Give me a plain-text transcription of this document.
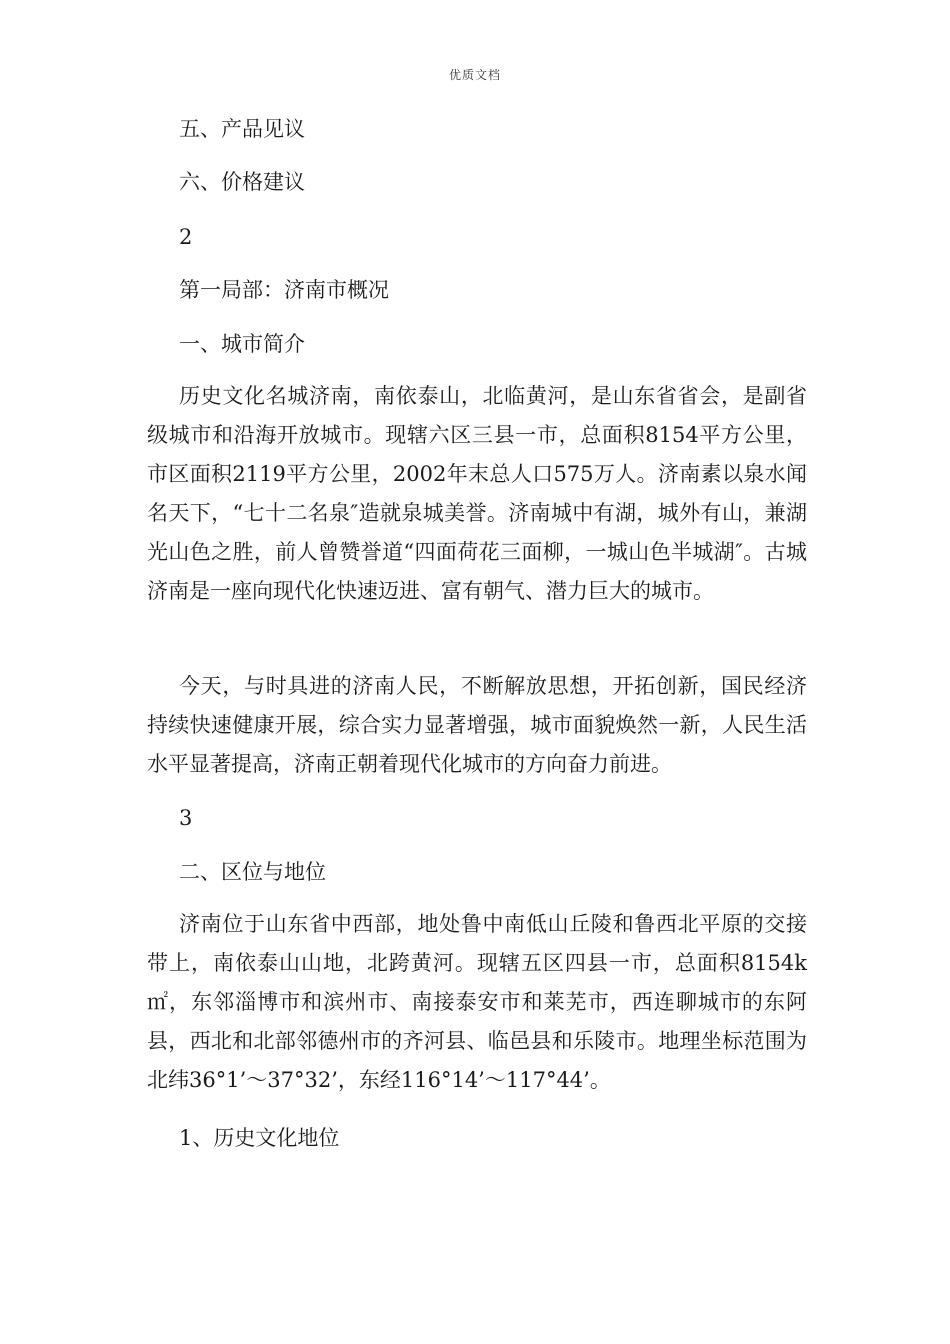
优质文档
五、产品见议
六、价格建议
2
第一局部：济南市概况
一、城市简介
历史文化名城济南，南依泰山，北临黄河，是山东省省会，是副省级城市和沿海开放城市。现辖六区三县一市，总面积8154平方公里，市区面积2119平方公里，2002年末总人口575万人。济南素以泉水闻名天下，“七十二名泉″造就泉城美誉。济南城中有湖，城外有山，兼湖光山色之胜，前人曾赞誉道“四面荷花三面柳，一城山色半城湖″。古城济南是一座向现代化快速迈进、富有朝气、潜力巨大的城市。
今天，与时具进的济南人民，不断解放思想，开拓创新，国民经济持续快速健康开展，综合实力显著增强，城市面貌焕然一新，人民生活水平显著提高，济南正朝着现代化城市的方向奋力前进。
3
二、区位与地位
济南位于山东省中西部，地处鲁中南低山丘陵和鲁西北平原的交接带上，南依泰山山地，北跨黄河。现辖五区四县一市，总面积8154k㎡，东邻淄博市和滨州市、南接泰安市和莱芜市，西连聊城市的东阿县，西北和北部邻德州市的齐河县、临邑县和乐陵市。地理坐标范围为北纬36°1’～37°32’，东经116°14’～117°44’。
1、历史文化地位
